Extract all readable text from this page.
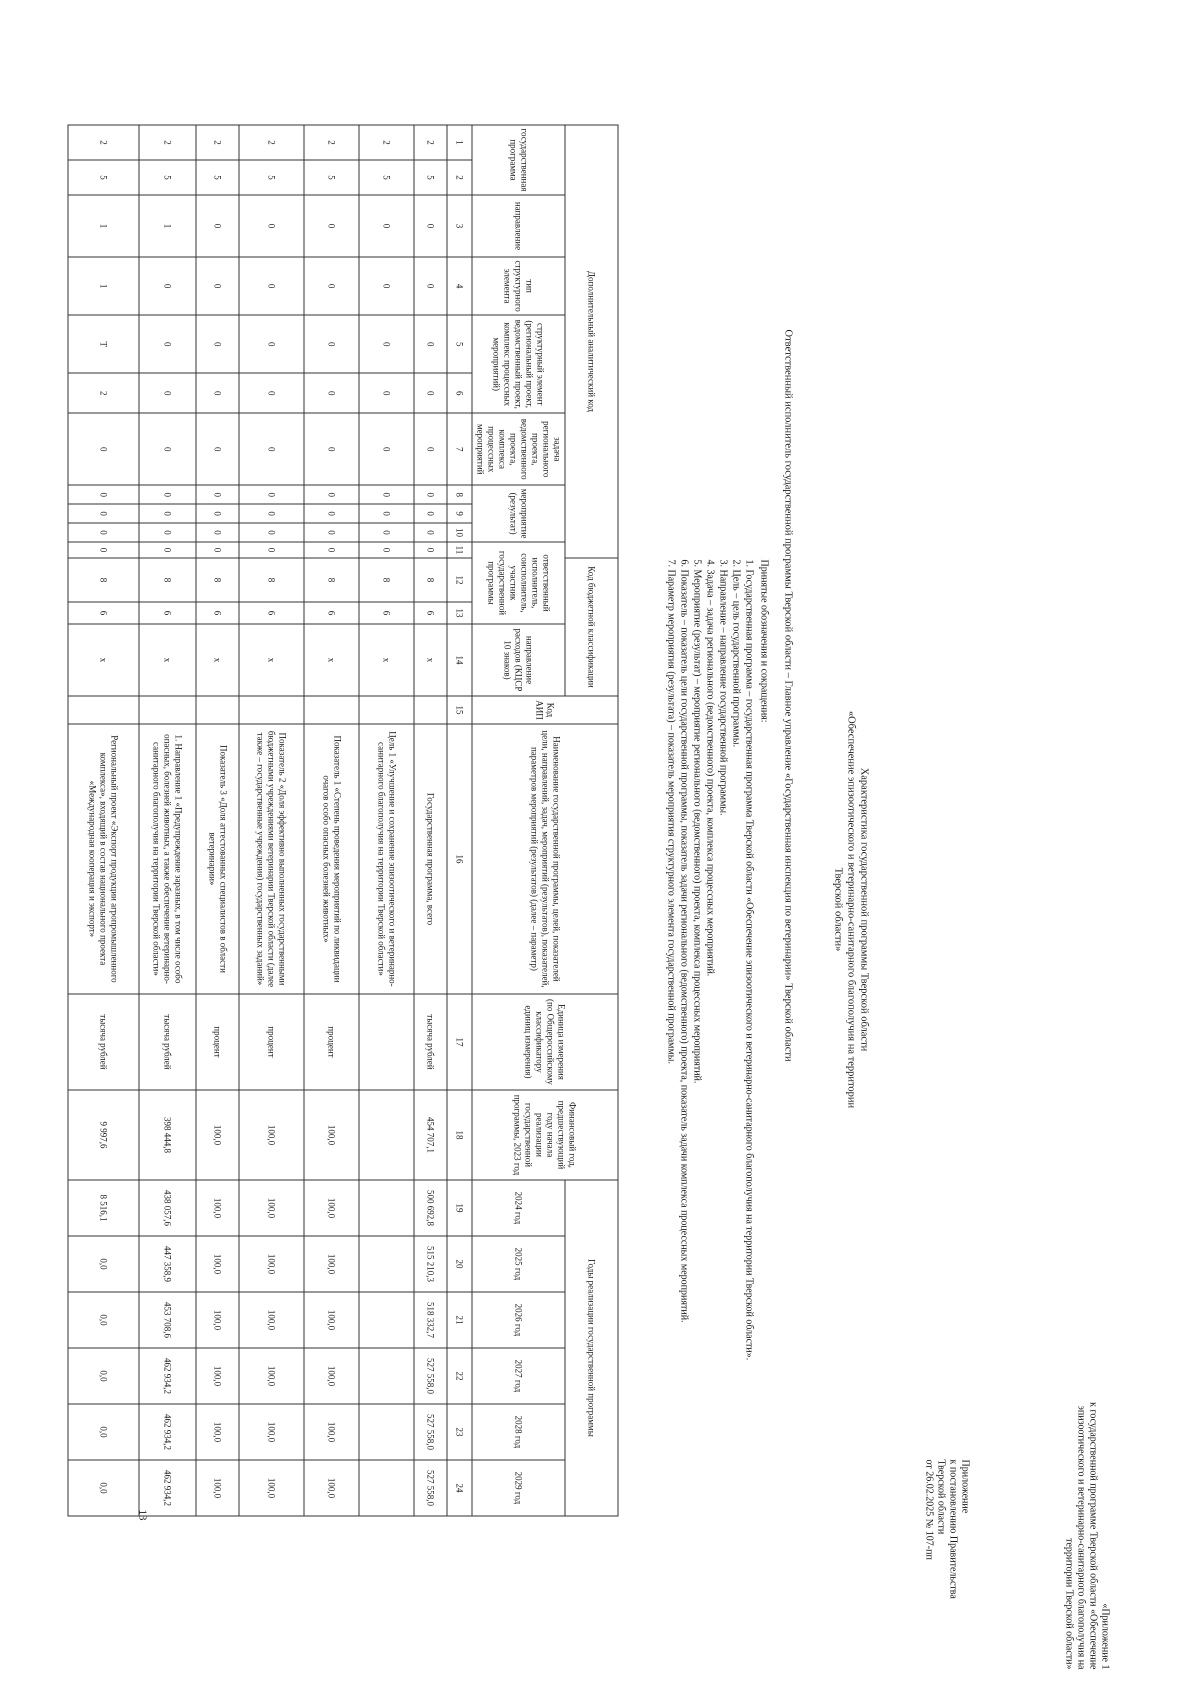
13
Приложение
к постановлению Правительства
Тверской области
от 26.02.2025 № 107-пп
«Приложение 1
к государственной программе Тверской области «Обеспечение
эпизоотического и ветеринарно-санитарного благополучия на
территории Тверской области»
Характеристика государственной программы Тверской области
«Обеспечение эпизоотического и ветеринарно-санитарного благополучия на территории Тверской области»
Ответственный исполнитель государственной программы Тверской области – Главное управление «Государственная инспекция по ветеринарии» Тверской области
Принятые обозначения и сокращения:
1. Государственная программа – государственная программа Тверской области «Обеспечение эпизоотического и ветеринарно-санитарного благополучия на территории Тверской области».
2. Цель – цель государственной программы.
3. Направление – направление государственной программы.
4. Задача – задача регионального (ведомственного) проекта, комплекса процессных мероприятий.
5. Мероприятие (результат) – мероприятие регионального (ведомственного) проекта, комплекса процессных мероприятий.
6. Показатель – показатель цели государственной программы, показатель задачи регионального (ведомственного) проекта, показатель задачи комплекса процессных мероприятий.
7. Параметр мероприятия (результата) – показатель мероприятия структурного элемента государственной программы.
Дополнительный аналитический код											Код бюджетной классификации			Код АИП	Наименование государственной программы, целей, показателей цели, направлений, задач, мероприятий (результатов), показателей, параметров мероприятий (результатов) (далее – параметр)	Единица измерения (по Общероссийскому классификатору единиц измерения)	Финансовый год, предшествующий году начала реализации государственной программы, 2023 год	Годы реализации государственной программы					
государственная программа		направление	тип структурного элемента	структурный элемент (региональный проект, ведомственный проект, комплекс процессных мероприятий)		задача регионального проекта, ведомственного проекта, комплекса процессных мероприятий	мероприятие (результат)			ответственный исполнитель, соисполнитель, участник государственной программы			направление расходов (КЦСР 10 знаков)					2024 год	2025 год	2026 год	2027 год	2028 год	2029 год

1	2	3	4	5	6	7	8	9	10	11	12	13	14	15	16	17	18	19	20	21	22	23	24
2	5	0	0	0	0	0	0	0	0	0	8	6	х		Государственная программа, всего	тысяча рублей	454 707,1	500 692,8	515 210,3	518 332,7	527 558,0	527 558,0	527 558,0
2	5	0	0	0	0	0	0	0	0	0	8	6	х		Цель 1 «Улучшение и сохранение эпизоотического и ветеринарно-санитарного благополучия на территории Тверской области»								
2	5	0	0	0	0	0	0	0	0	0	8	6	х		Показатель 1 «Степень проведения мероприятий по ликвидации очагов особо опасных болезней животных»	процент	100,0	100,0	100,0	100,0	100,0	100,0	100,0
2	5	0	0	0	0	0	0	0	0	0	8	6	х		Показатель 2 «Доля эффективно выполненных государственными бюджетными учреждениями ветеринарии Тверской области (далее также – государственные учреждения) государственных заданий»	процент	100,0	100,0	100,0	100,0	100,0	100,0	100,0
2	5	0	0	0	0	0	0	0	0	0	8	6	х		Показатель 3 «Доля аттестованных специалистов в области ветеринарии»	процент	100,0	100,0	100,0	100,0	100,0	100,0	100,0
2	5	1	0	0	0	0	0	0	0	0	8	6	х		1. Направление 1 «Предупреждение заразных, в том числе особо опасных, болезней животных, а также обеспечение ветеринарно-санитарного благополучия на территории Тверской области»	тысяча рублей	398 444,8	438 057,6	447 358,9	453 708,6	462 934,2	462 934,2	462 934,2
2	5	1	1	Т	2	0	0	0	0	0	8	6	х		Региональный проект «Экспорт продукции агропромышленного комплекса», входящий в состав национального проекта «Международная кооперация и экспорт»	тысяча рублей	9 997,6	8 516,1	0,0	0,0	0,0	0,0	0,0
